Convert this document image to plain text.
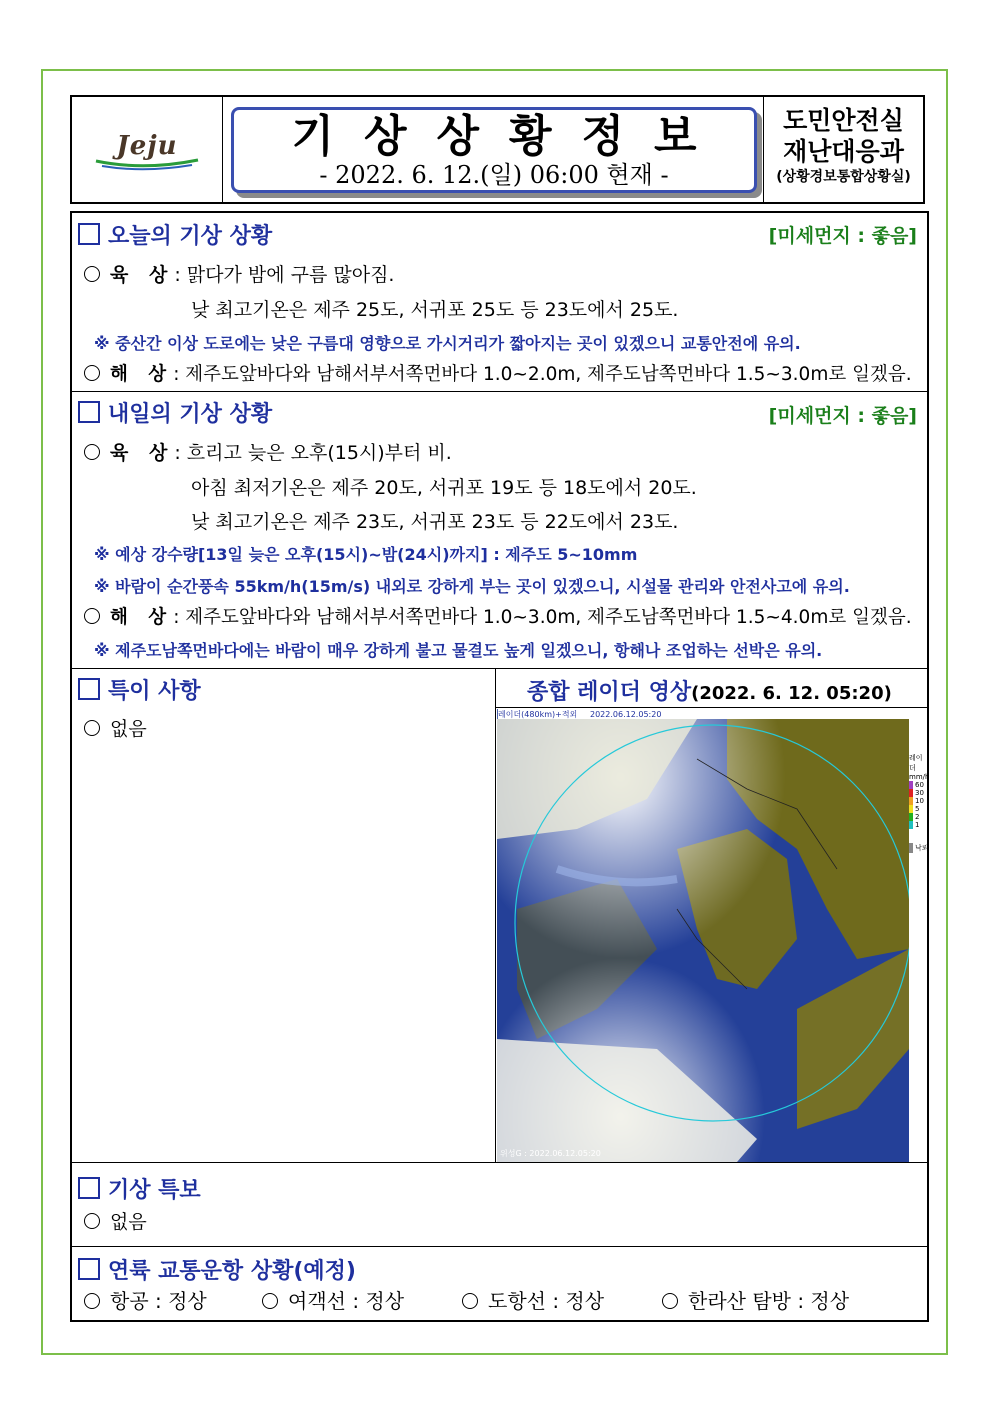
Jeju	기상상황정보
- 2022. 6. 12.(일) 06:00 현재 -
도민안전실
재난대응과
(상황경보통합상황실)
오늘의 기상 상황	[미세먼지 : 좋음]
육 상: 맑다가 밤에 구름 많아짐.
낮 최고기온은 제주 25도, 서귀포 25도 등 23도에서 25도.
※ 중산간 이상 도로에는 낮은 구름대 영향으로 가시거리가 짧아지는 곳이 있겠으니 교통안전에 유의.
해 상: 제주도앞바다와 남해서부서쪽먼바다 1.0~2.0m, 제주도남쪽먼바다 1.5~3.0m로 일겠음.
내일의 기상 상황	[미세먼지 : 좋음]
육 상: 흐리고 늦은 오후(15시)부터 비.
아침 최저기온은 제주 20도, 서귀포 19도 등 18도에서 20도.
낮 최고기온은 제주 23도, 서귀포 23도 등 22도에서 23도.
※ 예상 강수량[13일 늦은 오후(15시)~밤(24시)까지] : 제주도 5~10mm
※ 바람이 순간풍속 55km/h(15m/s) 내외로 강하게 부는 곳이 있겠으니, 시설물 관리와 안전사고에 유의.
해 상: 제주도앞바다와 남해서부서쪽먼바다 1.0~3.0m, 제주도남쪽먼바다 1.5~4.0m로 일겠음.
※ 제주도남쪽먼바다에는 바람이 매우 강하게 불고 물결도 높게 일겠으니, 항해나 조업하는 선박은 유의.
특이 사항
없음
종합 레이더 영상(2022. 6. 12. 05:20)
레이더(480km)+적외 2022.06.12.05:20
위성G : 2022.06.12.05:20
레이더
mm/h
60
30
10
5
2
1
낙뢰
기상 특보
없음
연륙 교통운항 상황(예정)
항공 : 정상	여객선 : 정상	도항선 : 정상	한라산 탐방 : 정상
